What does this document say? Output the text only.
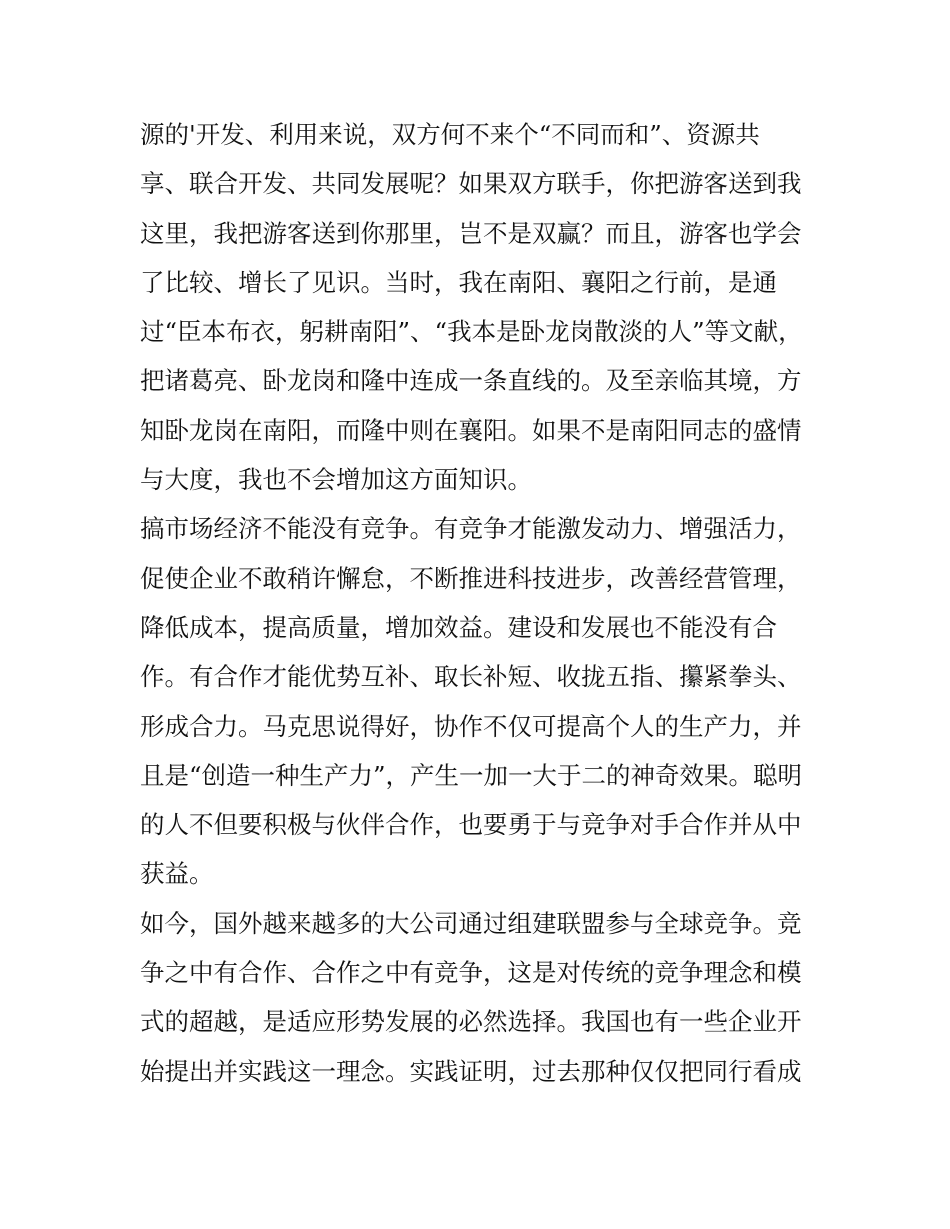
源的'开发、利用来说，双方何不来个“不同而和”、资源共
享、联合开发、共同发展呢？如果双方联手，你把游客送到我
这里，我把游客送到你那里，岂不是双赢？而且，游客也学会
了比较、增长了见识。当时，我在南阳、襄阳之行前，是通
过“臣本布衣，躬耕南阳”、“我本是卧龙岗散淡的人”等文献，
把诸葛亮、卧龙岗和隆中连成一条直线的。及至亲临其境，方
知卧龙岗在南阳，而隆中则在襄阳。如果不是南阳同志的盛情
与大度，我也不会增加这方面知识。
搞市场经济不能没有竞争。有竞争才能激发动力、增强活力，
促使企业不敢稍许懈怠，不断推进科技进步，改善经营管理，
降低成本，提高质量，增加效益。建设和发展也不能没有合
作。有合作才能优势互补、取长补短、收拢五指、攥紧拳头、
形成合力。马克思说得好，协作不仅可提高个人的生产力，并
且是“创造一种生产力”，产生一加一大于二的神奇效果。聪明
的人不但要积极与伙伴合作，也要勇于与竞争对手合作并从中
获益。
如今，国外越来越多的大公司通过组建联盟参与全球竞争。竞
争之中有合作、合作之中有竞争，这是对传统的竞争理念和模
式的超越，是适应形势发展的必然选择。我国也有一些企业开
始提出并实践这一理念。实践证明，过去那种仅仅把同行看成
